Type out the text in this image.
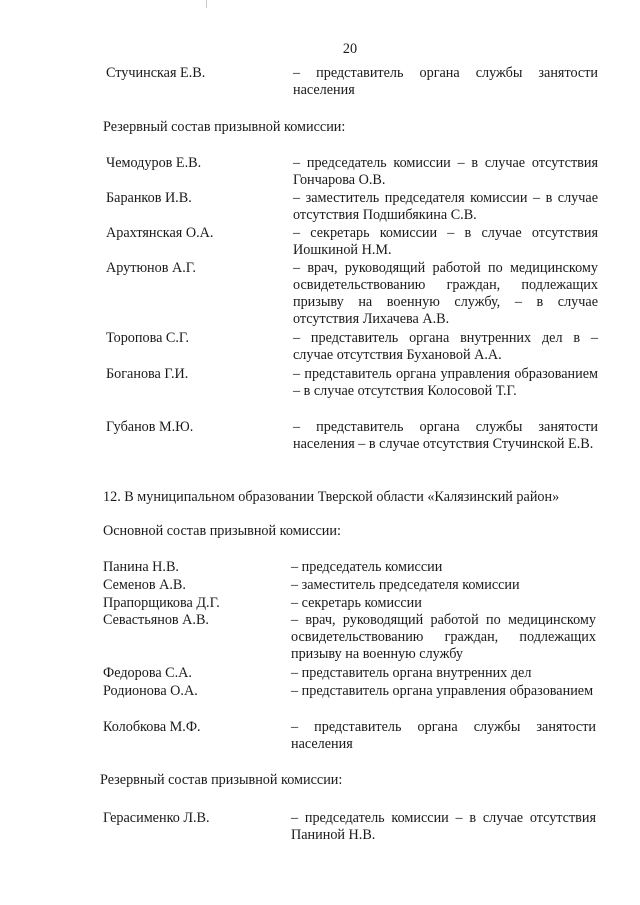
20
Стучинская Е.В.	– представитель органа службы занятости населения
Резервный состав призывной комиссии:
Чемодуров Е.В.	– председатель комиссии – в случае отсутствия Гончарова О.В.
Баранков И.В.	– заместитель председателя комиссии – в случае отсутствия Подшибякина С.В.
Арахтянская О.А.	– секретарь комиссии – в случае отсутствия Иошкиной Н.М.
Арутюнов А.Г.	– врач, руководящий работой по медицинскому освидетельствованию граждан, подлежащих призыву на военную службу, – в случае отсутствия Лихачева А.В.
Торопова С.Г.	– представитель органа внутренних дел в – случае отсутствия Бухановой А.А.
Боганова Г.И.	– представитель органа управления образованием – в случае отсутствия Колосовой Т.Г.
Губанов М.Ю.	– представитель органа службы занятости населения – в случае отсутствия Стучинской Е.В.
12. В муниципальном образовании Тверской области «Калязинский район»
Основной состав призывной комиссии:
Панина Н.В.	– председатель комиссии
Семенов А.В.	– заместитель председателя комиссии
Прапорщикова Д.Г.	– секретарь комиссии
Севастьянов А.В.	– врач, руководящий работой по медицинскому освидетельствованию граждан, подлежащих призыву на военную службу
Федорова С.А.	– представитель органа внутренних дел
Родионова О.А.	– представитель органа управления образованием
Колобкова М.Ф.	– представитель органа службы занятости населения
Резервный состав призывной комиссии:
Герасименко Л.В.	– председатель комиссии – в случае отсутствия Паниной Н.В.
